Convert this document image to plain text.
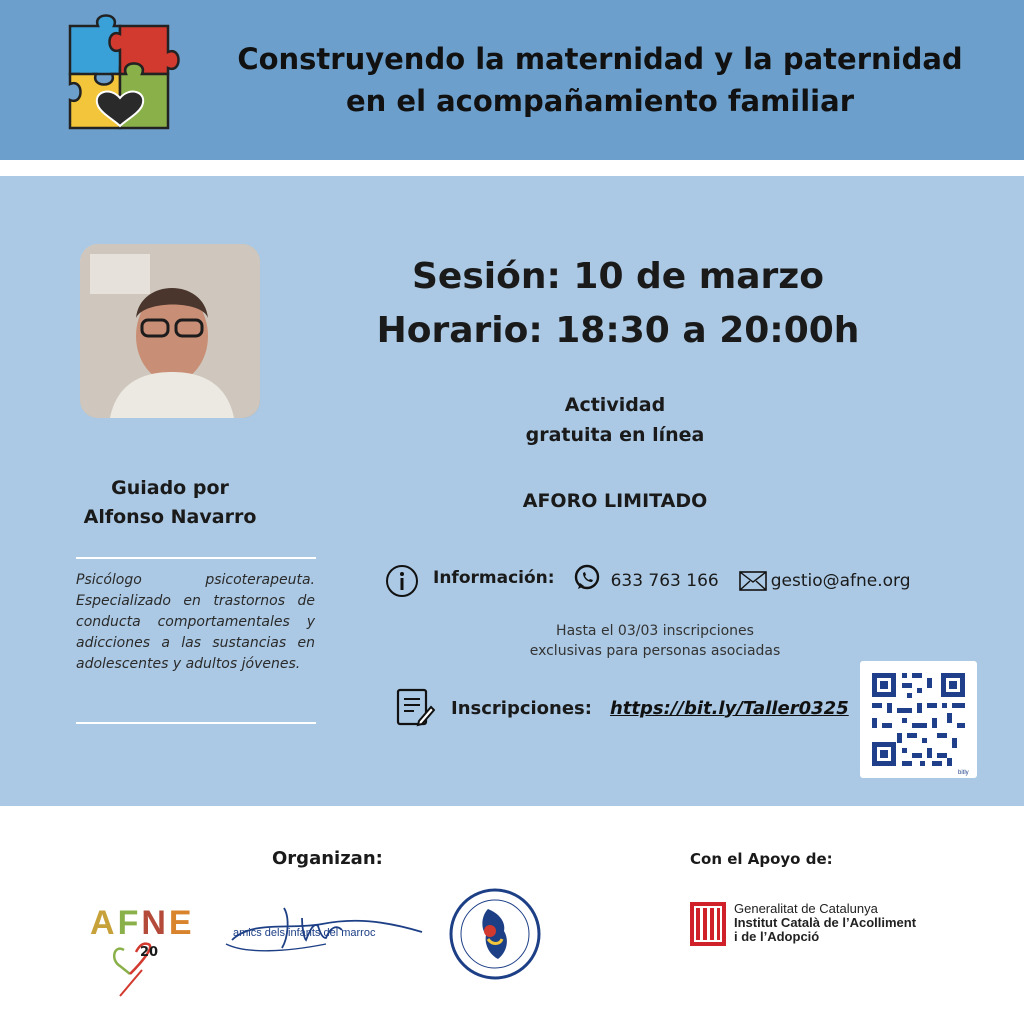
Construyendo la maternidad y la paternidad
en el acompañamiento familiar
Guiado por
Alfonso Navarro
Psicólogo psicoterapeuta. Especializado en trastornos de conducta comportamentales y adicciones a las sustancias en adolescentes y adultos jóvenes.
Sesión: 10 de marzo
Horario: 18:30 a 20:00h
Actividad
gratuita en línea
AFORO LIMITADO
Información:	633 763 166	gestio@afne.org
Hasta el 03/03 inscripciones
exclusivas para personas asociadas
Inscripciones: https://bit.ly/Taller0325
bitly
Organizan:	Con el Apoyo de:
AFNE
20
amics dels infants del marroc
Generalitat de Catalunya
Institut Català de l’Acolliment
i de l’Adopció
